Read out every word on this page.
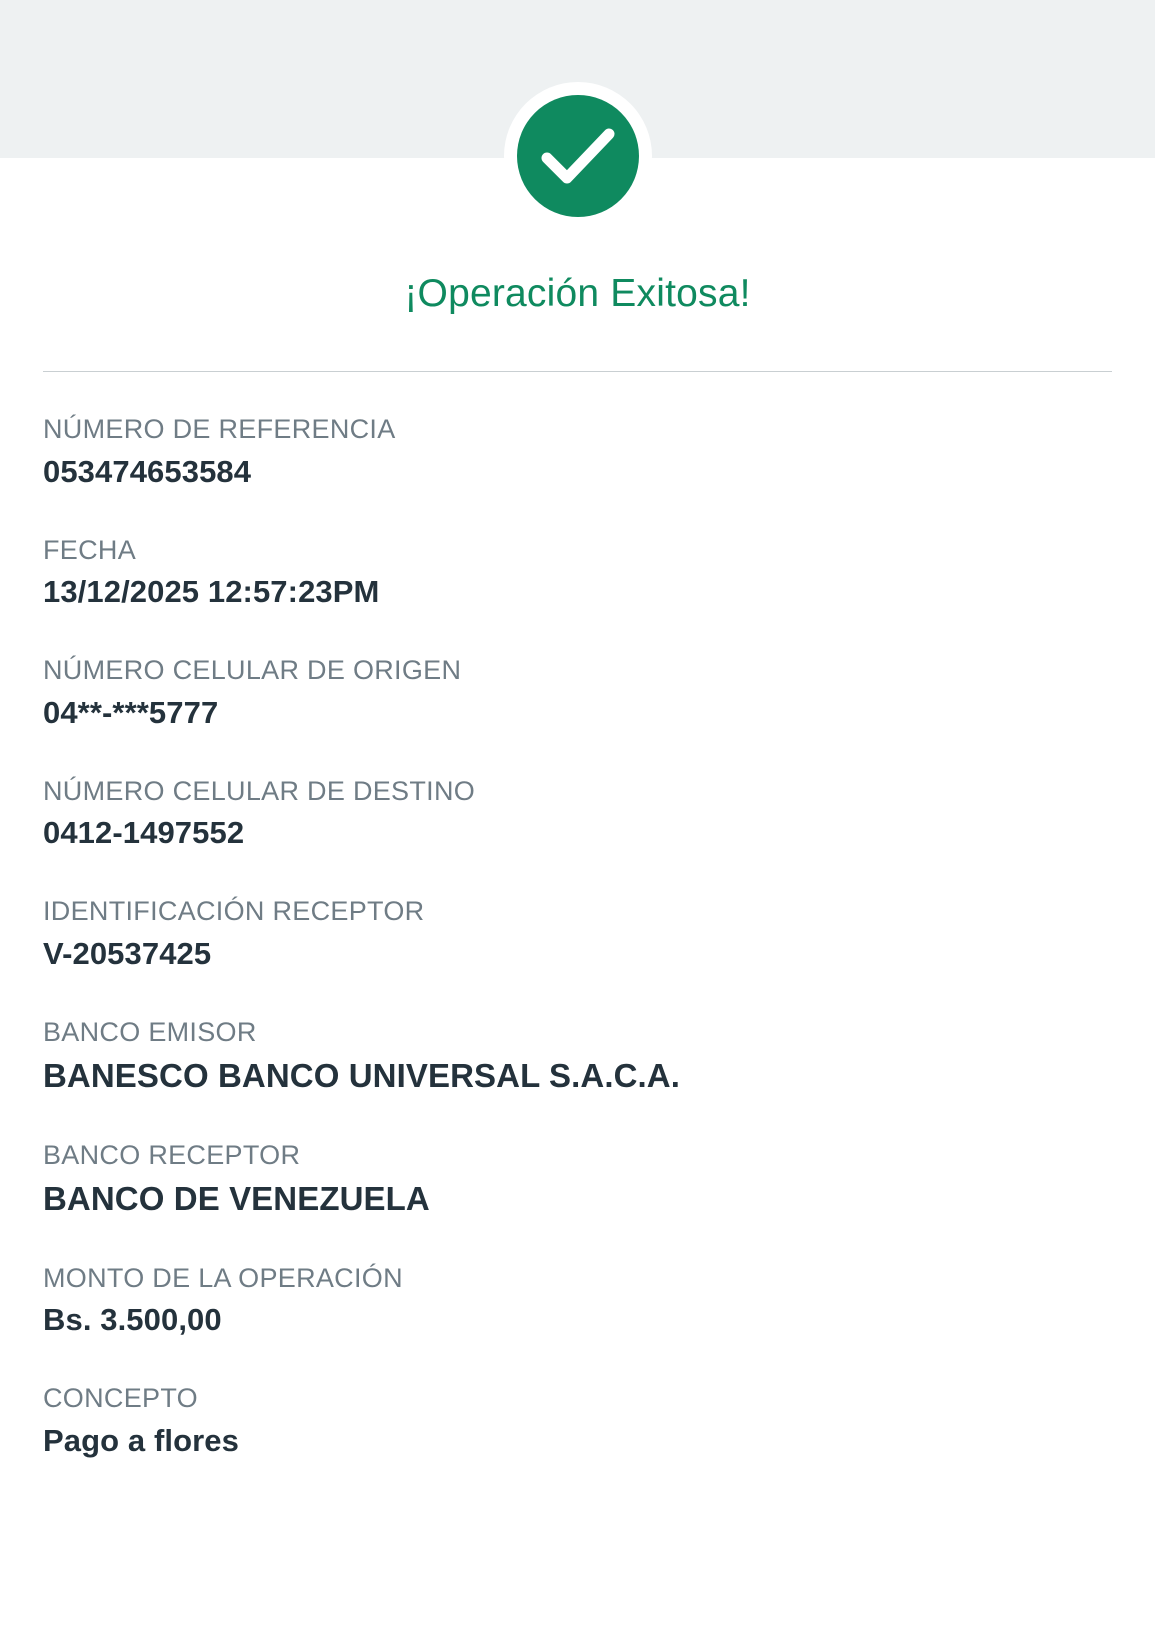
¡Operación Exitosa!
NÚMERO DE REFERENCIA
053474653584
FECHA
13/12/2025 12:57:23PM
NÚMERO CELULAR DE ORIGEN
04**-***5777
NÚMERO CELULAR DE DESTINO
0412-1497552
IDENTIFICACIÓN RECEPTOR
V-20537425
BANCO EMISOR
BANESCO BANCO UNIVERSAL S.A.C.A.
BANCO RECEPTOR
BANCO DE VENEZUELA
MONTO DE LA OPERACIÓN
Bs. 3.500,00
CONCEPTO
Pago a flores
